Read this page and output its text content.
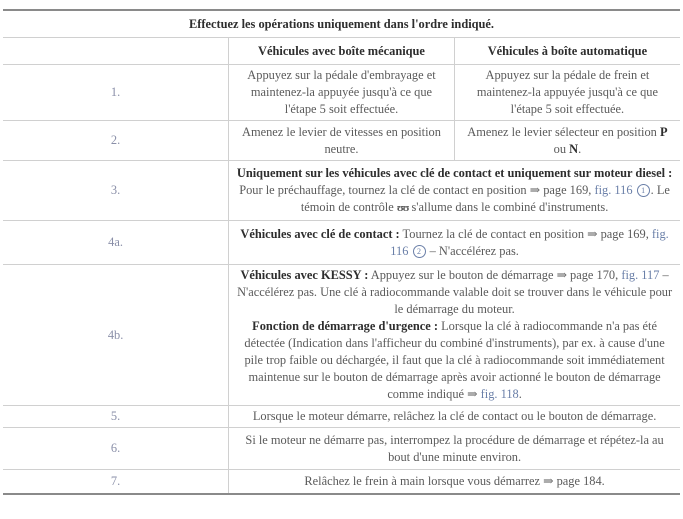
Effectuez les opérations uniquement dans l'ordre indiqué.		
	Véhicules avec boîte mécanique	Véhicules à boîte automatique
1.	Appuyez sur la pédale d'embrayage et maintenez-la appuyée jusqu'à ce que l'étape 5 soit effectuée.	Appuyez sur la pédale de frein et maintenez-la appuyée jusqu'à ce que l'étape 5 soit effectuée.
2.	Amenez le levier de vitesses en position neutre.	Amenez le levier sélecteur en position P ou N.
3.	Uniquement sur les véhicules avec clé de contact et uniquement sur moteur diesel : Pour le préchauffage, tournez la clé de contact en position ⇒ page 169, fig. 116 1 . Le témoin de contrôle ʊʊ s'allume dans le combiné d'instruments.	
4a.	Véhicules avec clé de contact : Tournez la clé de contact en position ⇒ page 169, fig. 116 2 – N'accélérez pas.	
4b.	Véhicules avec KESSY : Appuyez sur le bouton de démarrage ⇒ page 170, fig. 117 – N'accélérez pas. Une clé à radiocommande valable doit se trouver dans le véhicule pour le démarrage du moteur.
Fonction de démarrage d'urgence : Lorsque la clé à radiocommande n'a pas été détectée (Indication dans l'afficheur du combiné d'instruments), par ex. à cause d'une pile trop faible ou déchargée, il faut que la clé à radiocommande soit immédiatement maintenue sur le bouton de démarrage après avoir actionné le bouton de démarrage comme indiqué ⇒ fig. 118.	

5.	Lorsque le moteur démarre, relâchez la clé de contact ou le bouton de démarrage.	
6.	Si le moteur ne démarre pas, interrompez la procédure de démarrage et répétez-la au bout d'une minute environ.	
7.	Relâchez le frein à main lorsque vous démarrez ⇒ page 184.	
